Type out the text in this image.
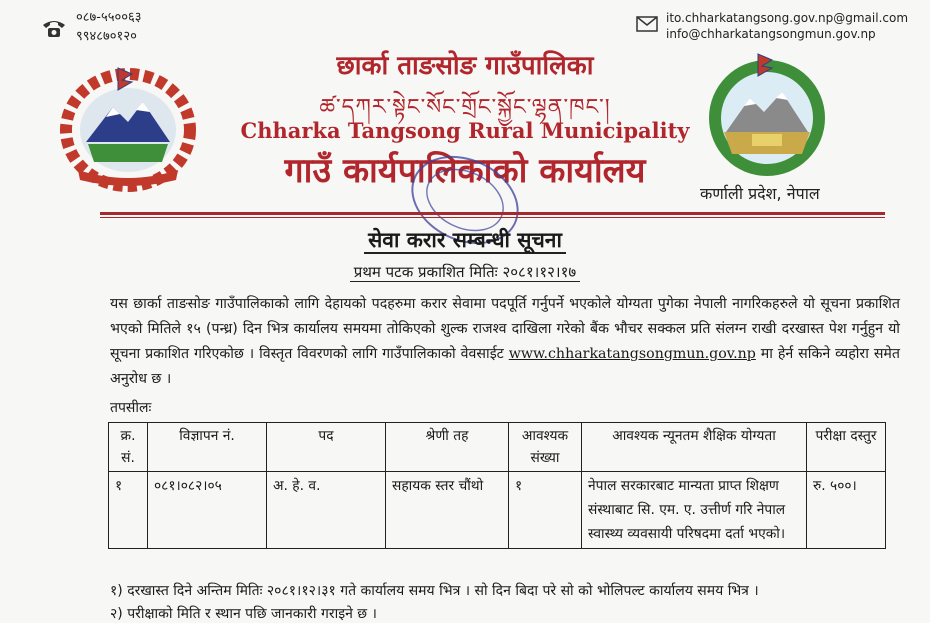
०८७-५५००६३
९९४८७०१२०
ito.chharkatangsong.gov.np@gmail.com
info@chharkatangsongmun.gov.np
कर्णाली प्रदेश, नेपाल
छार्का ताङसोङ गाउँपालिका
ཚ་དཀར་སྟེང་སོང་གྲོང་སྐྱོང་ལྷན་ཁང་།
Chharka Tangsong Rural Municipality
गाउँ कार्यपालिकाको कार्यालय
सेवा करार सम्बन्धी सूचना
प्रथम पटक प्रकाशित मितिः २०८१।१२।१७
यस छार्का ताङसोङ गाउँपालिकाको लागि देहायको पदहरुमा करार सेवामा पदपूर्ति गर्नुपर्ने भएकोले योग्यता पुगेका नेपाली नागरिकहरुले यो सूचना प्रकाशित भएको मितिले १५ (पन्ध्र) दिन भित्र कार्यालय समयमा तोकिएको शुल्क राजश्व दाखिला गरेको बैंक भौचर सक्कल प्रति संलग्न राखी दरखास्त पेश गर्नुहुन यो सूचना प्रकाशित गरिएकोछ । विस्तृत विवरणको लागि गाउँपालिकाको वेवसाईट www.chharkatangsongmun.gov.np मा हेर्न सकिने व्यहोरा समेत अनुरोध छ ।
तपसीलः
क्र. सं.	विज्ञापन नं.	पद	श्रेणी तह	आवश्यक संख्या	आवश्यक न्यूनतम शैक्षिक योग्यता	परीक्षा दस्तुर
१	०८१।०८२।०५	अ. हे. व.	सहायक स्तर चौंथो	१	नेपाल सरकारबाट मान्यता प्राप्त शिक्षण संस्थाबाट सि. एम. ए. उत्तीर्ण गरि नेपाल स्वास्थ्य व्यवसायी परिषदमा दर्ता भएको।	रु. ५००।
१) दरखास्त दिने अन्तिम मितिः २०८१।१२।३१ गते कार्यालय समय भित्र । सो दिन बिदा परे सो को भोलिपल्ट कार्यालय समय भित्र ।
२) परीक्षाको मिति र स्थान पछि जानकारी गराइने छ ।
